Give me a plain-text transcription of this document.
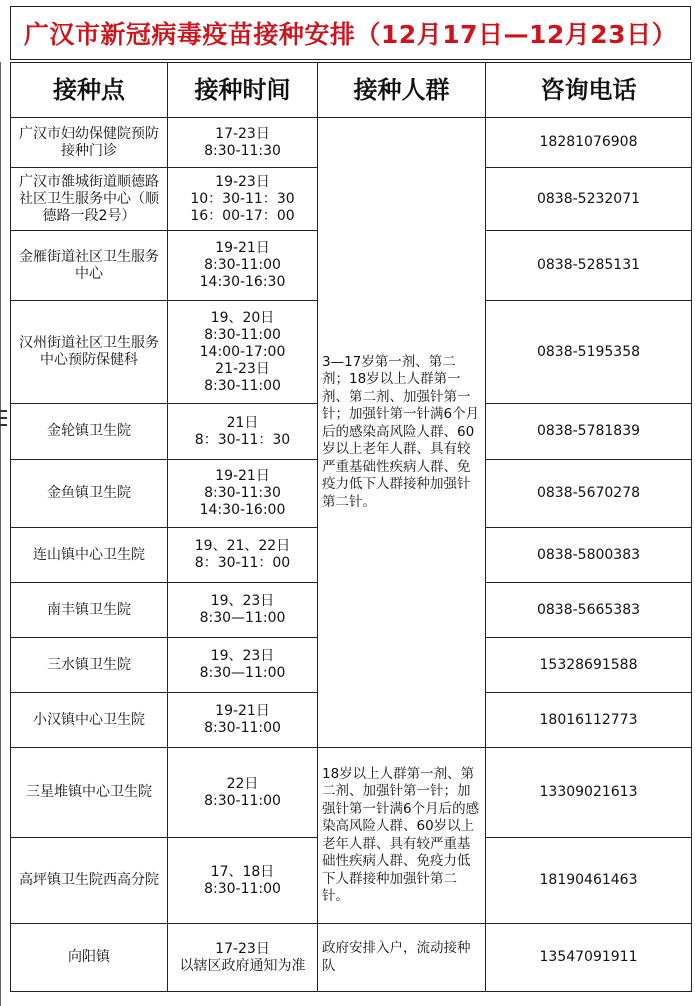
广汉市新冠病毒疫苗接种安排（12月17日—12月23日）
接种点	接种时间	接种人群	咨询电话
广汉市妇幼保健院预防接种门诊	17-23日
8:30-11:30	3—17岁第一剂、第二剂；18岁以上人群第一剂、第二剂、加强针第一针；加强针第一针满6个月后的感染高风险人群、60岁以上老年人群、具有较严重基础性疾病人群、免疫力低下人群接种加强针第二针。	18281076908
广汉市雒城街道顺德路社区卫生服务中心（顺德路一段2号）	19-23日
10：30-11：30
16：00-17：00		0838-5232071
金雁街道社区卫生服务中心	19-21日
8:30-11:00
14:30-16:30		0838-5285131
汉州街道社区卫生服务中心预防保健科	19、20日
8:30-11:00
14:00-17:00
21-23日
8:30-11:00		0838-5195358
金轮镇卫生院	21日
8：30-11：30		0838-5781839
金鱼镇卫生院	19-21日
8:30-11:30
14:30-16:00		0838-5670278
连山镇中心卫生院	19、21、22日
8：30-11：00		0838-5800383
南丰镇卫生院	19、23日
8:30—11:00		0838-5665383
三水镇卫生院	19、23日
8:30—11:00		15328691588
小汉镇中心卫生院	19-21日
8:30-11:00		18016112773
三星堆镇中心卫生院	22日
8:30-11:00	18岁以上人群第一剂、第二剂、加强针第一针；加强针第一针满6个月后的感染高风险人群、60岁以上老年人群、具有较严重基础性疾病人群、免疫力低下人群接种加强针第二针。	13309021613
高坪镇卫生院西高分院	17、18日
8:30-11:00		18190461463
向阳镇	17-23日
以辖区政府通知为准	政府安排入户，流动接种队	13547091911
